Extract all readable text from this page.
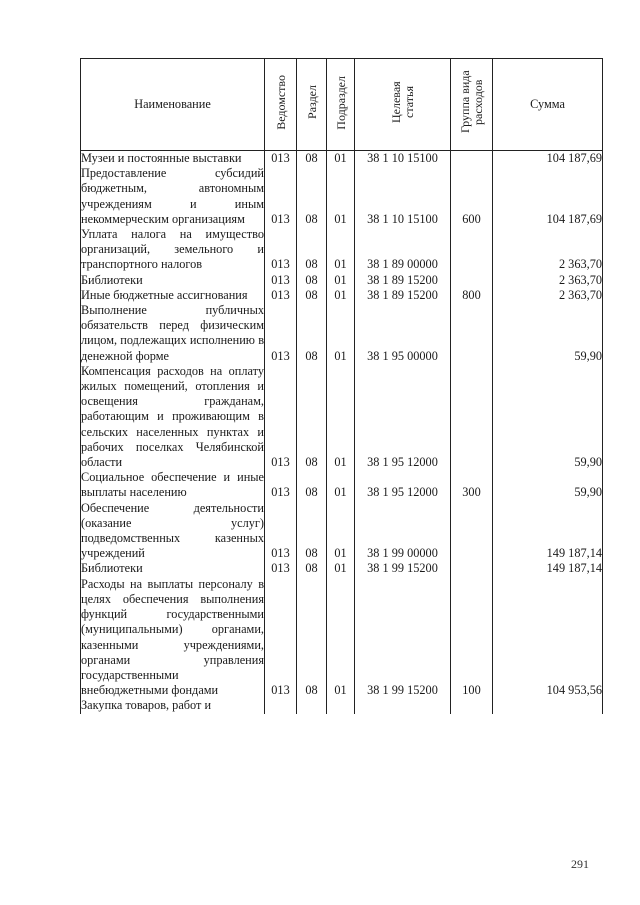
Наименование	Ведомство	Раздел	Подраздел	Целевая статья	Группа вида расходов	Сумма
Музеи и постоянные выставки	013	08	01	38 1 10 15100		104 187,69
Предоставление субсидий бюджетным, автономным учреждениям и иным некоммерческим организациям	013	08	01	38 1 10 15100	600	104 187,69
Уплата налога на имущество организаций, земельного и транспортного налогов	013	08	01	38 1 89 00000		2 363,70
Библиотеки	013	08	01	38 1 89 15200		2 363,70
Иные бюджетные ассигнования	013	08	01	38 1 89 15200	800	2 363,70
Выполнение публичных обязательств перед физическим лицом, подлежащих исполнению в денежной форме	013	08	01	38 1 95 00000		59,90
Компенсация расходов на оплату жилых помещений, отопления и освещения гражданам, работающим и проживающим в сельских населенных пунктах и рабочих поселках Челябинской области	013	08	01	38 1 95 12000		59,90
Социальное обеспечение и иные выплаты населению	013	08	01	38 1 95 12000	300	59,90
Обеспечение деятельности (оказание услуг) подведомственных казенных учреждений	013	08	01	38 1 99 00000		149 187,14
Библиотеки	013	08	01	38 1 99 15200		149 187,14
Расходы на выплаты персоналу в целях обеспечения выполнения функций государственными (муниципальными) органами, казенными учреждениями, органами управления государственными внебюджетными фондами	013	08	01	38 1 99 15200	100	104 953,56
Закупка товаров, работ и						
291
